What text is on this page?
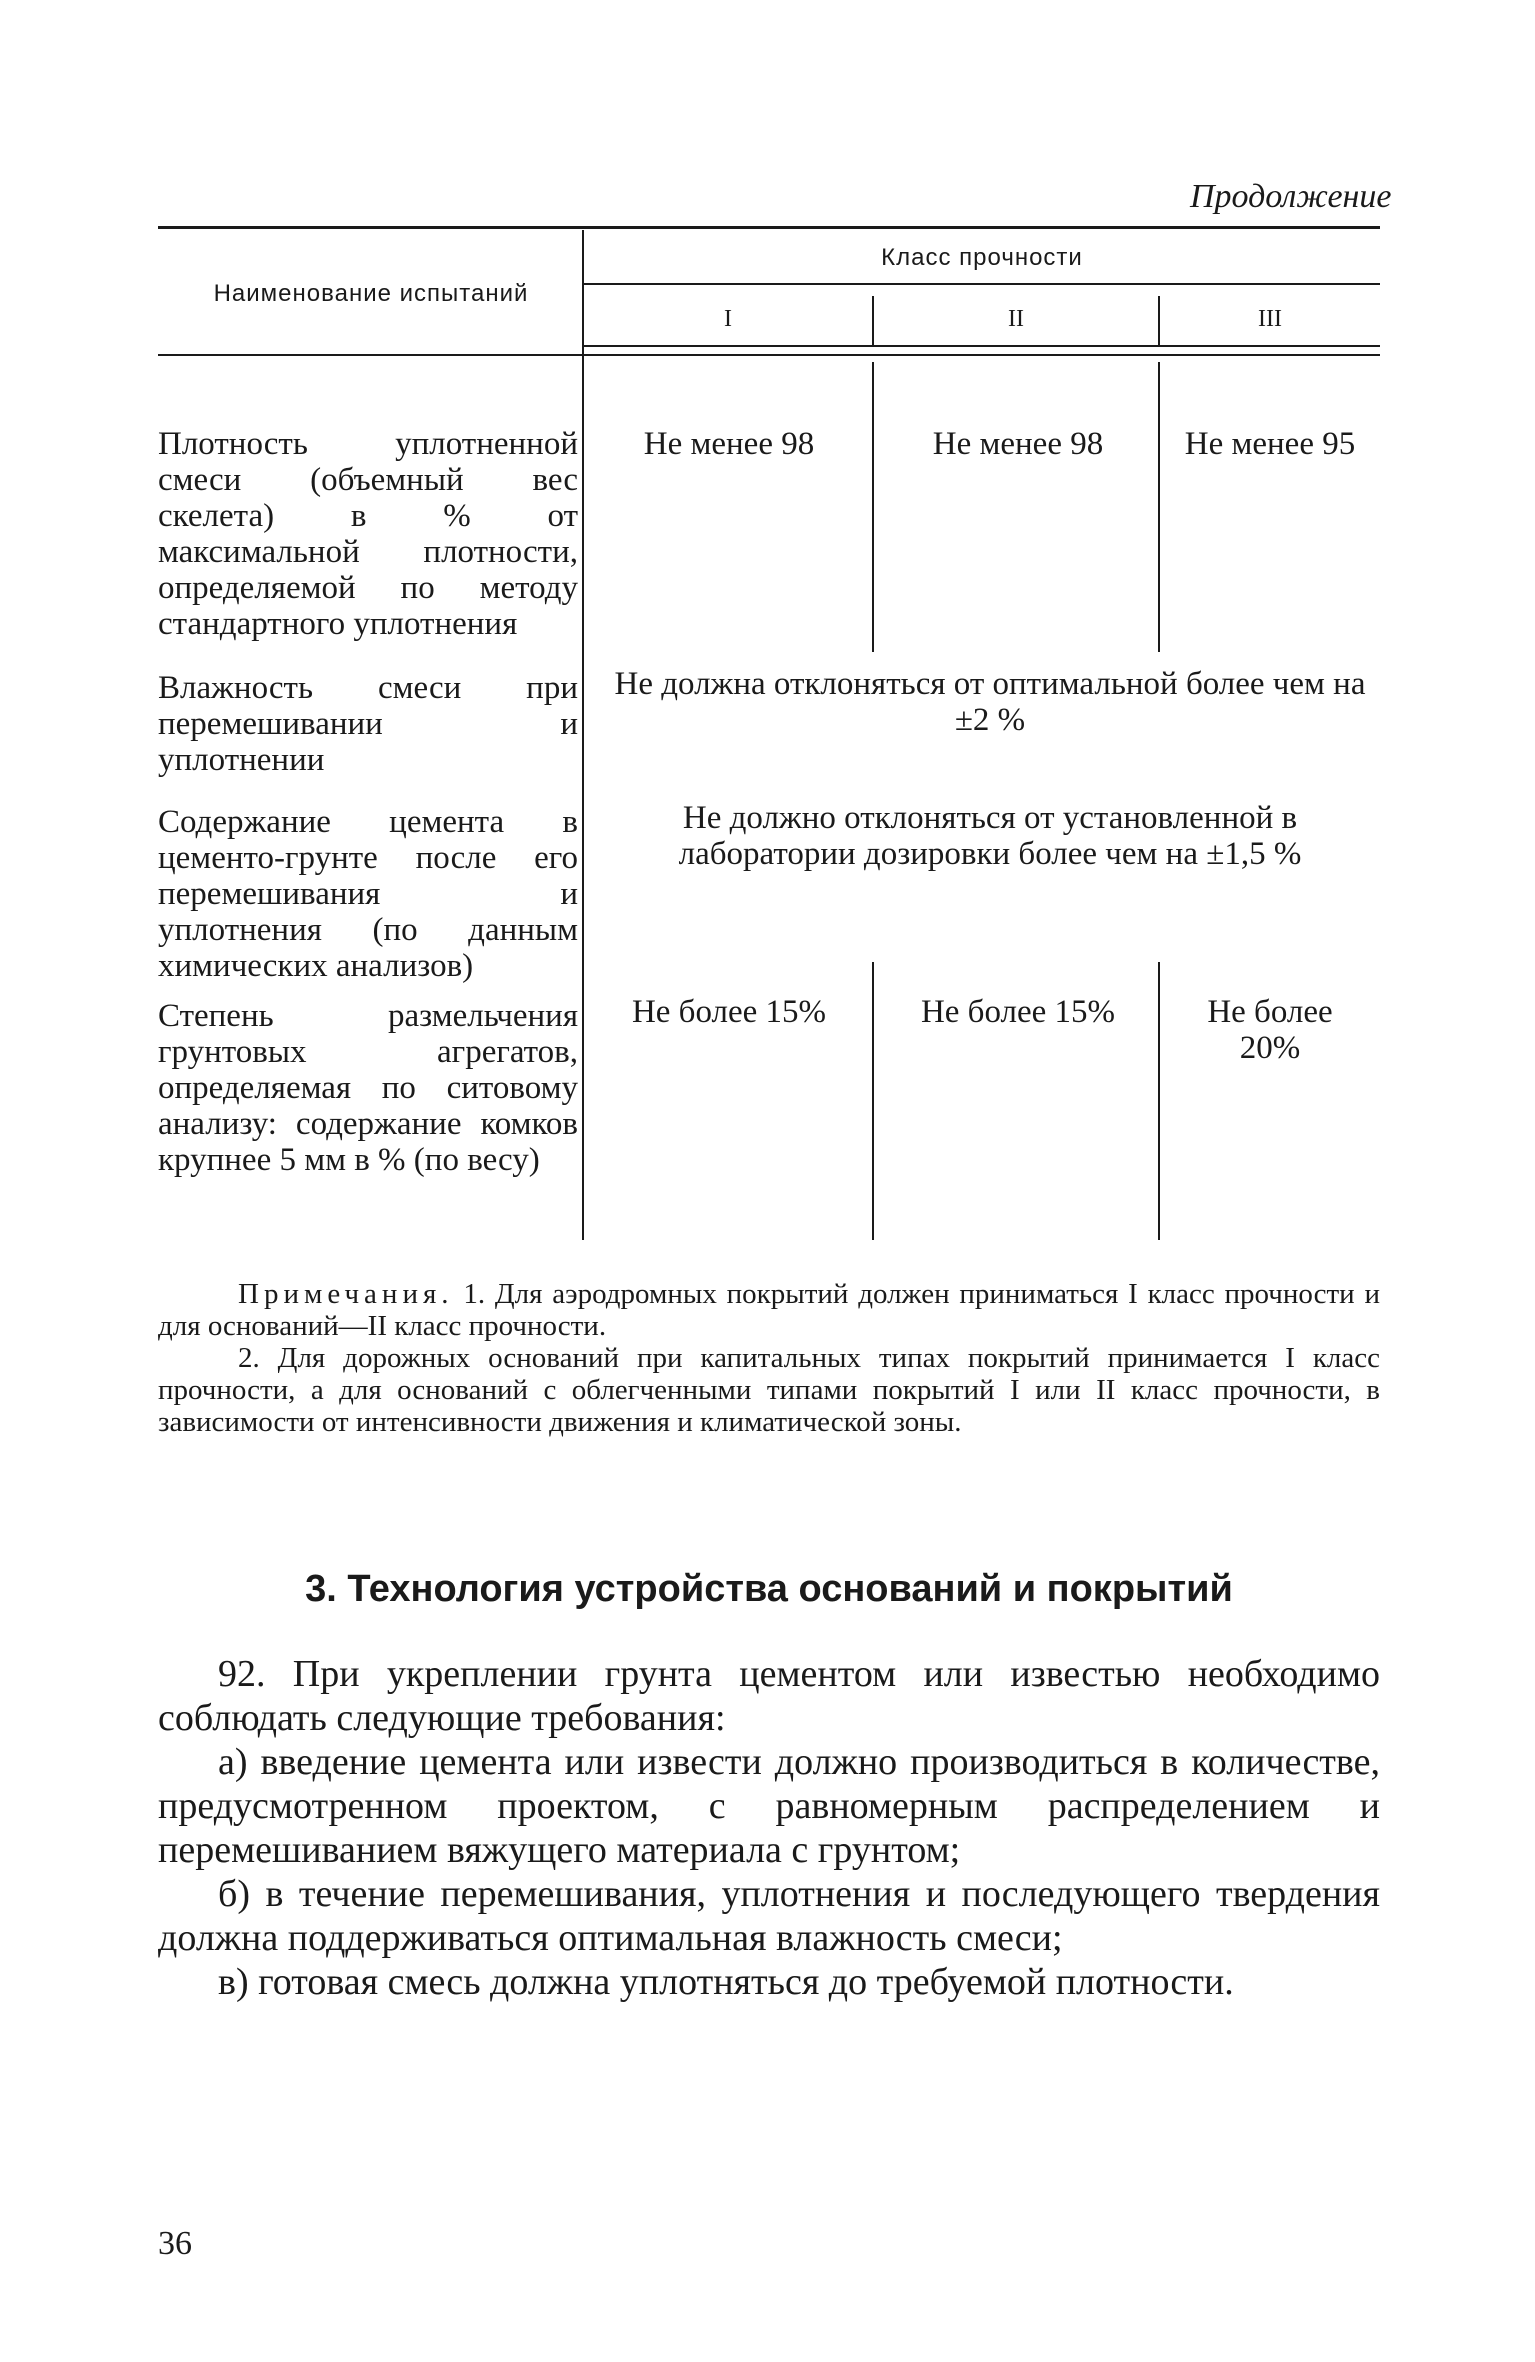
Продолжение
Наименование испытаний
Класс прочности
I	II	III
Плотность уплотненной смеси (объемный вес скелета) в % от максимальной плотности, определяемой по методу стандартного уплотнения
Не менее 98	Не менее 98	Не менее 95
Влажность смеси при перемешивании и уплотнении
Не должна отклоняться от оптимальной более чем на ±2 %
Содержание цемента в цементо-грунте после его перемешивания и уплотнения (по данным химических анализов)
Не должно отклоняться от установленной в лаборатории дозировки более чем на ±1,5 %
Степень размельчения грунтовых агрегатов, определяемая по ситовому анализу: содержание комков крупнее 5 мм в % (по весу)
Не более 15%	Не более 15%	Не более 20%

Примечания. 1. Для аэродромных покрытий должен приниматься I класс прочности и для оснований—II класс прочности.

2. Для дорожных оснований при капитальных типах покрытий принимается I класс прочности, а для оснований с облегченными типами покрытий I или II класс прочности, в зависимости от интенсивности движения и климатической зоны.

3. Технология устройства оснований и покрытий

92. При укреплении грунта цементом или известью необходимо соблюдать следующие требования:

а) введение цемента или извести должно производиться в количестве, предусмотренном проектом, с равномерным распределением и перемешиванием вяжущего материала с грунтом;

б) в течение перемешивания, уплотнения и последующего твердения должна поддерживаться оптимальная влажность смеси;

в) готовая смесь должна уплотняться до требуемой плотности.

36
